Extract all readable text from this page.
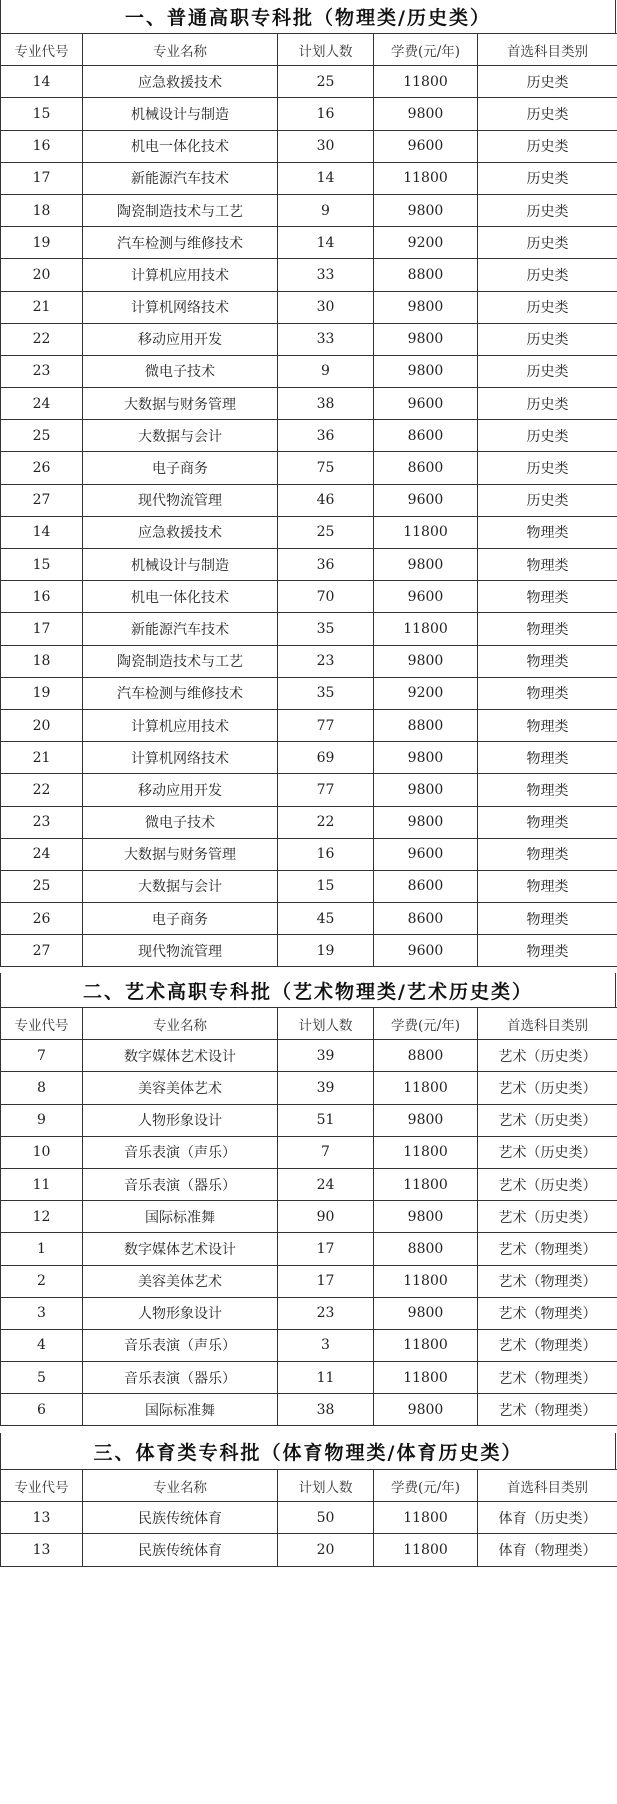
一、普通高职专科批（物理类/历史类）
专业代号	专业名称	计划人数	学费(元/年)	首选科目类别
14	应急救援技术	25	11800	历史类
15	机械设计与制造	16	9800	历史类
16	机电一体化技术	30	9600	历史类
17	新能源汽车技术	14	11800	历史类
18	陶瓷制造技术与工艺	9	9800	历史类
19	汽车检测与维修技术	14	9200	历史类
20	计算机应用技术	33	8800	历史类
21	计算机网络技术	30	9800	历史类
22	移动应用开发	33	9800	历史类
23	微电子技术	9	9800	历史类
24	大数据与财务管理	38	9600	历史类
25	大数据与会计	36	8600	历史类
26	电子商务	75	8600	历史类
27	现代物流管理	46	9600	历史类
14	应急救援技术	25	11800	物理类
15	机械设计与制造	36	9800	物理类
16	机电一体化技术	70	9600	物理类
17	新能源汽车技术	35	11800	物理类
18	陶瓷制造技术与工艺	23	9800	物理类
19	汽车检测与维修技术	35	9200	物理类
20	计算机应用技术	77	8800	物理类
21	计算机网络技术	69	9800	物理类
22	移动应用开发	77	9800	物理类
23	微电子技术	22	9800	物理类
24	大数据与财务管理	16	9600	物理类
25	大数据与会计	15	8600	物理类
26	电子商务	45	8600	物理类
27	现代物流管理	19	9600	物理类
二、艺术高职专科批（艺术物理类/艺术历史类）
专业代号	专业名称	计划人数	学费(元/年)	首选科目类别
7	数字媒体艺术设计	39	8800	艺术（历史类）
8	美容美体艺术	39	11800	艺术（历史类）
9	人物形象设计	51	9800	艺术（历史类）
10	音乐表演（声乐）	7	11800	艺术（历史类）
11	音乐表演（器乐）	24	11800	艺术（历史类）
12	国际标准舞	90	9800	艺术（历史类）
1	数字媒体艺术设计	17	8800	艺术（物理类）
2	美容美体艺术	17	11800	艺术（物理类）
3	人物形象设计	23	9800	艺术（物理类）
4	音乐表演（声乐）	3	11800	艺术（物理类）
5	音乐表演（器乐）	11	11800	艺术（物理类）
6	国际标准舞	38	9800	艺术（物理类）
三、体育类专科批（体育物理类/体育历史类）
专业代号	专业名称	计划人数	学费(元/年)	首选科目类别
13	民族传统体育	50	11800	体育（历史类）
13	民族传统体育	20	11800	体育（物理类）
